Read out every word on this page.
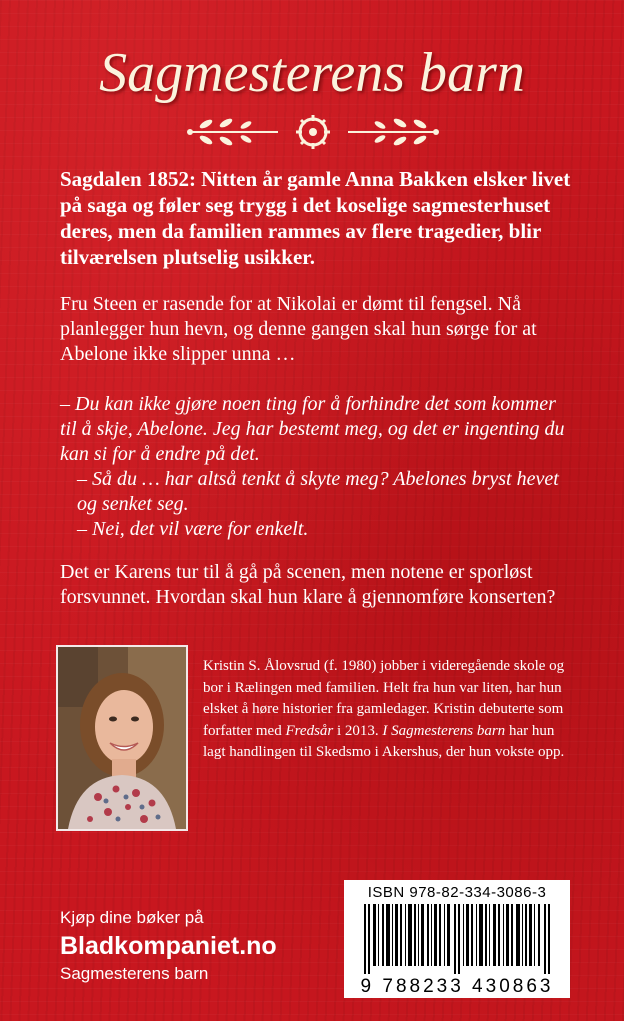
Sagmesterens barn

Sagdalen 1852: Nitten år gamle Anna Bakken elsker livet på saga og føler seg trygg i det koselige sagmesterhuset deres, men da familien rammes av flere tragedier, blir tilværelsen plutselig usikker.

Fru Steen er rasende for at Nikolai er dømt til fengsel. Nå planlegger hun hevn, og denne gangen skal hun sørge for at Abelone ikke slipper unna …

– Du kan ikke gjøre noen ting for å forhindre det som kommer til å skje, Abelone. Jeg har bestemt meg, og det er ingenting du kan si for å endre på det.
– Så du … har altså tenkt å skyte meg? Abelones bryst hevet og senket seg.
– Nei, det vil være for enkelt.

Det er Karens tur til å gå på scenen, men notene er sporløst forsvunnet. Hvordan skal hun klare å gjennomføre konserten?

Kristin S. Ålovsrud (f. 1980) jobber i videregående skole og bor i Rælingen med familien. Helt fra hun var liten, har hun elsket å høre historier fra gamledager. Kristin debuterte som forfatter med Fredsår i 2013. I Sagmesterens barn har hun lagt handlingen til Skedsmo i Akershus, der hun vokste opp.

Kjøp dine bøker på
Bladkompaniet.no
Sagmesterens barn
ISBN 978-82-334-3086-3
9 788233 430863
